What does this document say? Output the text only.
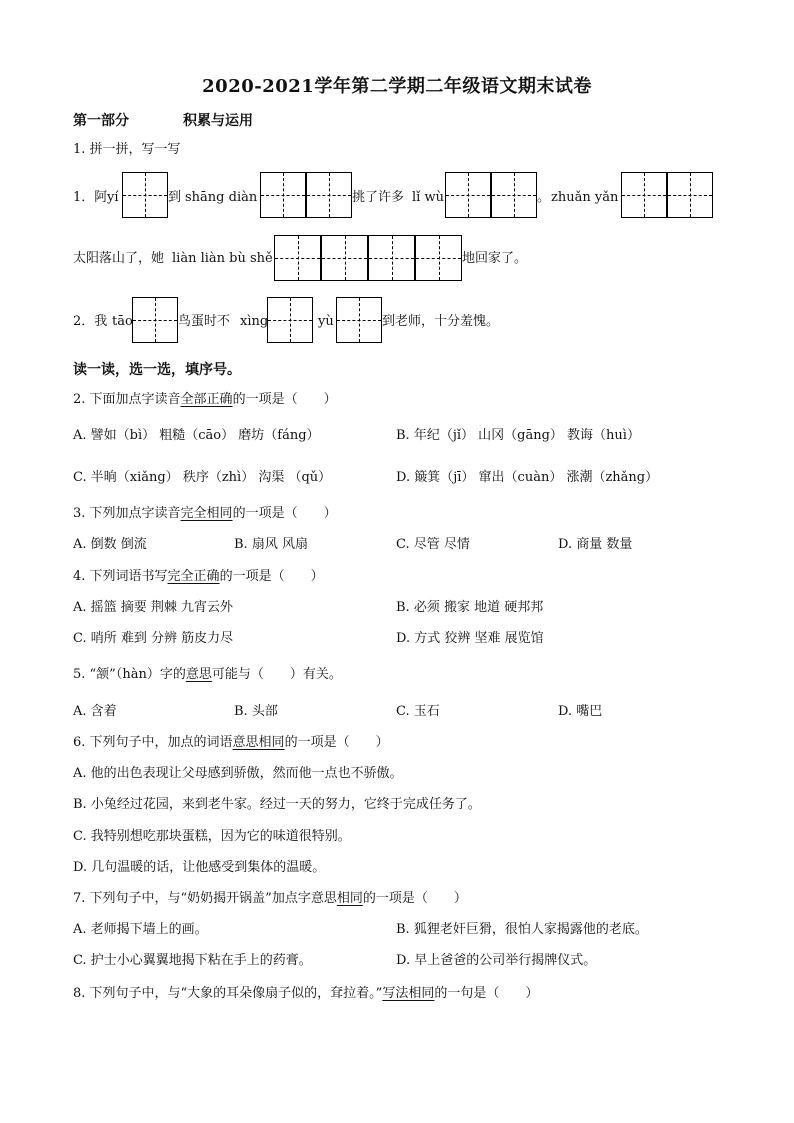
2020-2021学年第二学期二年级语文期末试卷
第一部分	积累与运用
1. 拼一拼，写一写
1．阿 yí	到 shāng diàn	挑了许多 lǐ wù	。 zhuǎn yǎn
太阳落山了，她 liàn liàn bù shě	地回家了。
2．我 tāo	鸟蛋时不 xìng	yù	到老师，十分羞愧。
读一读，选一选，填序号。
2. 下面加点字读音全部正确的一项是（　　）
A. 譬如（bì） 粗糙（cāo） 磨坊（fáng）	B. 年纪（jǐ） 山冈（gāng） 教诲（huì）
C. 半晌（xiǎng） 秩序（zhì） 沟渠 （qǔ）	D. 簸箕（jī） 窜出（cuàn） 涨潮（zhǎng）
3. 下列加点字读音完全相同的一项是（　　）
A. 倒数 倒流	B. 扇风 风扇	C. 尽管 尽情	D. 商量 数量
4. 下列词语书写完全正确的一项是（　　）
A. 摇篮 摘要 荆棘 九宵云外	B. 必须 搬家 地道 硬邦邦
C. 哨所 难到 分辨 筋皮力尽	D. 方式 狡辨 坚难 展览馆
5. “颔”（hàn）字的意思可能与（　　）有关。
A. 含着	B. 头部	C. 玉石	D. 嘴巴
6. 下列句子中，加点的词语意思相同的一项是（　　）
A. 他的出色表现让父母感到骄傲，然而他一点也不骄傲。
B. 小兔经过花园，来到老牛家。经过一天的努力，它终于完成任务了。
C. 我特别想吃那块蛋糕，因为它的味道很特别。
D. 几句温暖的话，让他感受到集体的温暖。
7. 下列句子中，与“奶奶揭开锅盖”加点字意思相同的一项是（　　）
A. 老师揭下墙上的画。	B. 狐狸老奸巨猾，很怕人家揭露他的老底。
C. 护士小心翼翼地揭下粘在手上的药膏。	D. 早上爸爸的公司举行揭牌仪式。
8. 下列句子中，与“大象的耳朵像扇子似的，耷拉着。”写法相同的一句是（　　）
